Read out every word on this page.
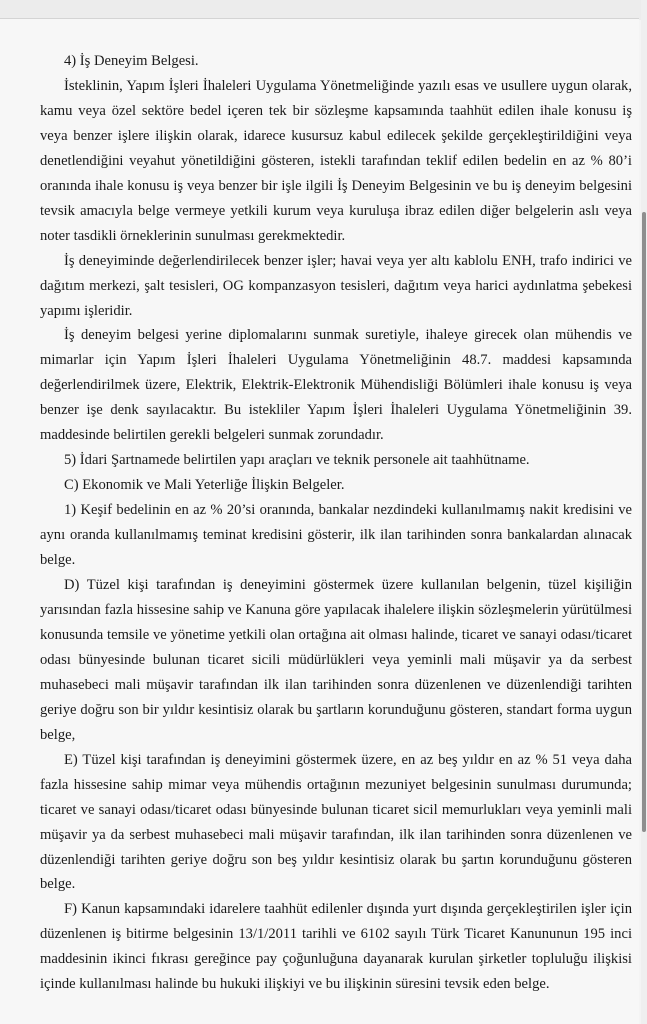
4) İş Deneyim Belgesi.

İsteklinin, Yapım İşleri İhaleleri Uygulama Yönetmeliğinde yazılı esas ve usullere uygun olarak, kamu veya özel sektöre bedel içeren tek bir sözleşme kapsamında taahhüt edilen ihale konusu iş veya benzer işlere ilişkin olarak, idarece kusursuz kabul edilecek şekilde gerçekleştirildiğini veya denetlendiğini veyahut yönetildiğini gösteren, istekli tarafından teklif edilen bedelin en az % 80’i oranında ihale konusu iş veya benzer bir işle ilgili İş Deneyim Belgesinin ve bu iş deneyim belgesini tevsik amacıyla belge vermeye yetkili kurum veya kuruluşa ibraz edilen diğer belgelerin aslı veya noter tasdikli örneklerinin sunulması gerekmektedir.

İş deneyiminde değerlendirilecek benzer işler; havai veya yer altı kablolu ENH, trafo indirici ve dağıtım merkezi, şalt tesisleri, OG kompanzasyon tesisleri, dağıtım veya harici aydınlatma şebekesi yapımı işleridir.

İş deneyim belgesi yerine diplomalarını sunmak suretiyle, ihaleye girecek olan mühendis ve mimarlar için Yapım İşleri İhaleleri Uygulama Yönetmeliğinin 48.7. maddesi kapsamında değerlendirilmek üzere, Elektrik, Elektrik-Elektronik Mühendisliği Bölümleri ihale konusu iş veya benzer işe denk sayılacaktır. Bu istekliler Yapım İşleri İhaleleri Uygulama Yönetmeliğinin 39. maddesinde belirtilen gerekli belgeleri sunmak zorundadır.

5) İdari Şartnamede belirtilen yapı araçları ve teknik personele ait taahhütname.

C) Ekonomik ve Mali Yeterliğe İlişkin Belgeler.

1) Keşif bedelinin en az % 20’si oranında, bankalar nezdindeki kullanılmamış nakit kredisini ve aynı oranda kullanılmamış teminat kredisini gösterir, ilk ilan tarihinden sonra bankalardan alınacak belge.

D) Tüzel kişi tarafından iş deneyimini göstermek üzere kullanılan belgenin, tüzel kişiliğin yarısından fazla hissesine sahip ve Kanuna göre yapılacak ihalelere ilişkin sözleşmelerin yürütülmesi konusunda temsile ve yönetime yetkili olan ortağına ait olması halinde, ticaret ve sanayi odası/ticaret odası bünyesinde bulunan ticaret sicili müdürlükleri veya yeminli mali müşavir ya da serbest muhasebeci mali müşavir tarafından ilk ilan tarihinden sonra düzenlenen ve düzenlendiği tarihten geriye doğru son bir yıldır kesintisiz olarak bu şartların korunduğunu gösteren, standart forma uygun belge,

E) Tüzel kişi tarafından iş deneyimini göstermek üzere, en az beş yıldır en az % 51 veya daha fazla hissesine sahip mimar veya mühendis ortağının mezuniyet belgesinin sunulması durumunda; ticaret ve sanayi odası/ticaret odası bünyesinde bulunan ticaret sicil memurlukları veya yeminli mali müşavir ya da serbest muhasebeci mali müşavir tarafından, ilk ilan tarihinden sonra düzenlenen ve düzenlendiği tarihten geriye doğru son beş yıldır kesintisiz olarak bu şartın korunduğunu gösteren belge.

F) Kanun kapsamındaki idarelere taahhüt edilenler dışında yurt dışında gerçekleştirilen işler için düzenlenen iş bitirme belgesinin 13/1/2011 tarihli ve 6102 sayılı Türk Ticaret Kanununun 195 inci maddesinin ikinci fıkrası gereğince pay çoğunluğuna dayanarak kurulan şirketler topluluğu ilişkisi içinde kullanılması halinde bu hukuki ilişkiyi ve bu ilişkinin süresini tevsik eden belge.
